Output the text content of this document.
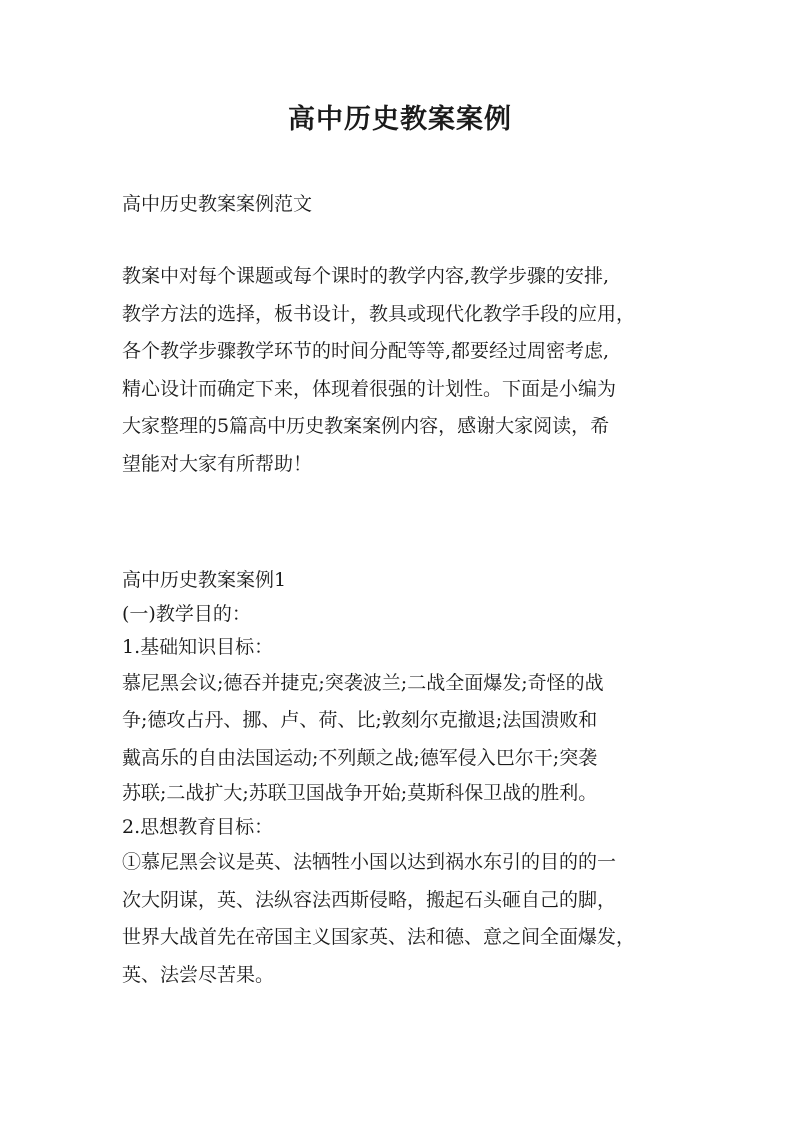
高中历史教案案例
高中历史教案案例范文
教案中对每个课题或每个课时的教学内容,教学步骤的安排,
教学方法的选择，板书设计，教具或现代化教学手段的应用，
各个教学步骤教学环节的时间分配等等,都要经过周密考虑,
精心设计而确定下来，体现着很强的计划性。下面是小编为
大家整理的5篇高中历史教案案例内容，感谢大家阅读，希
望能对大家有所帮助！
高中历史教案案例1
(一)教学目的：
1.基础知识目标：
慕尼黑会议;德吞并捷克;突袭波兰;二战全面爆发;奇怪的战
争;德攻占丹、挪、卢、荷、比;敦刻尔克撤退;法国溃败和
戴高乐的自由法国运动;不列颠之战;德军侵入巴尔干;突袭
苏联;二战扩大;苏联卫国战争开始;莫斯科保卫战的胜利。
2.思想教育目标：
①慕尼黑会议是英、法牺牲小国以达到祸水东引的目的的一
次大阴谋，英、法纵容法西斯侵略，搬起石头砸自己的脚，
世界大战首先在帝国主义国家英、法和德、意之间全面爆发，
英、法尝尽苦果。
